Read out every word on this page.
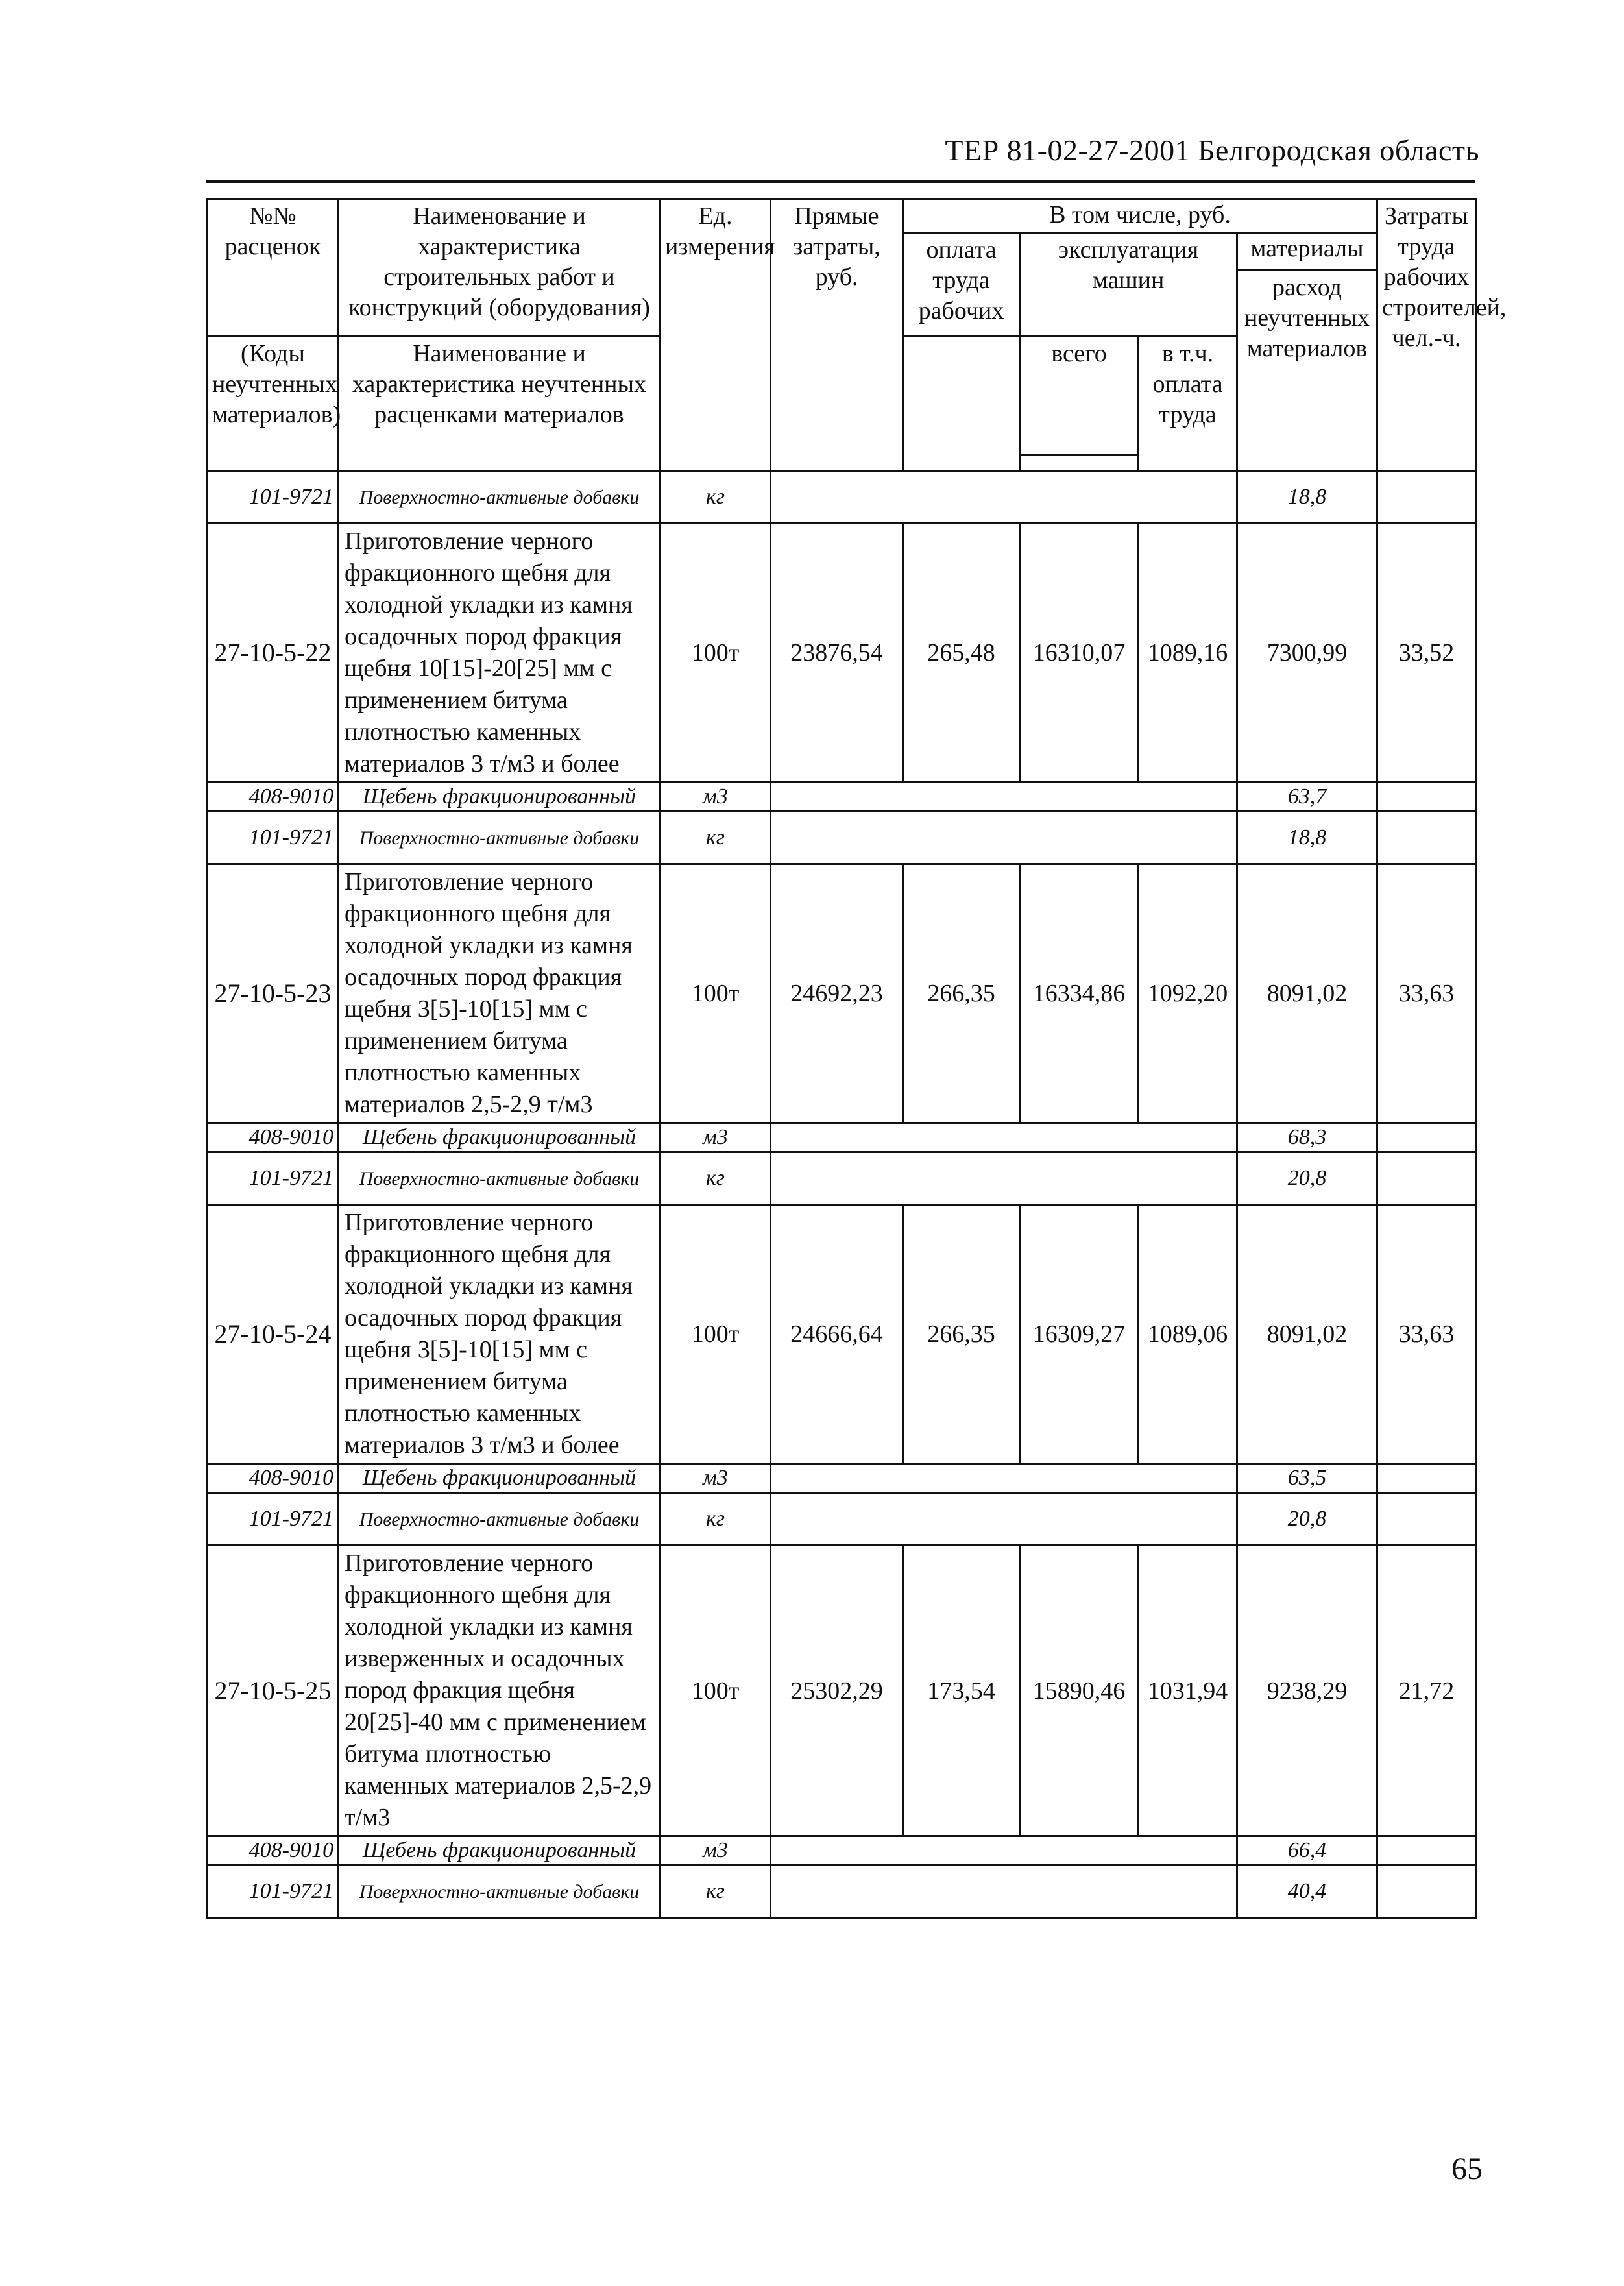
ТЕР 81-02-27-2001 Белгородская область
№№ расценок	Наименование и характеристика строительных работ и конструкций (оборудования)	Ед. измерения	Прямые затраты, руб.	В том числе, руб.				Затраты труда рабочих строителей, чел.-ч.
				оплата труда рабочих	эксплуатация машин		материалы	
							расход неучтенных материалов	
(Коды неучтенных материалов)	Наименование и характеристика неучтенных расценками материалов				всего	в т.ч. оплата труда		

101-9721	Поверхностно-активные добавки	кг					18,8	
27-10-5-22	Приготовление черного фракционного щебня для холодной укладки из камня осадочных пород фракция щебня 10[15]-20[25] мм с применением битума плотностью каменных материалов 3 т/м3 и более	100т	23876,54	265,48	16310,07	1089,16	7300,99	33,52
408-9010	Щебень фракционированный	м3					63,7	
101-9721	Поверхностно-активные добавки	кг					18,8	
27-10-5-23	Приготовление черного фракционного щебня для холодной укладки из камня осадочных пород фракция щебня 3[5]-10[15] мм с применением битума плотностью каменных материалов 2,5-2,9 т/м3	100т	24692,23	266,35	16334,86	1092,20	8091,02	33,63
408-9010	Щебень фракционированный	м3					68,3	
101-9721	Поверхностно-активные добавки	кг					20,8	
27-10-5-24	Приготовление черного фракционного щебня для холодной укладки из камня осадочных пород фракция щебня 3[5]-10[15] мм с применением битума плотностью каменных материалов 3 т/м3 и более	100т	24666,64	266,35	16309,27	1089,06	8091,02	33,63
408-9010	Щебень фракционированный	м3					63,5	
101-9721	Поверхностно-активные добавки	кг					20,8	
27-10-5-25	Приготовление черного фракционного щебня для холодной укладки из камня изверженных и осадочных пород фракция щебня 20[25]-40 мм с применением битума плотностью каменных материалов 2,5-2,9 т/м3	100т	25302,29	173,54	15890,46	1031,94	9238,29	21,72
408-9010	Щебень фракционированный	м3					66,4	
101-9721	Поверхностно-активные добавки	кг					40,4	
65
